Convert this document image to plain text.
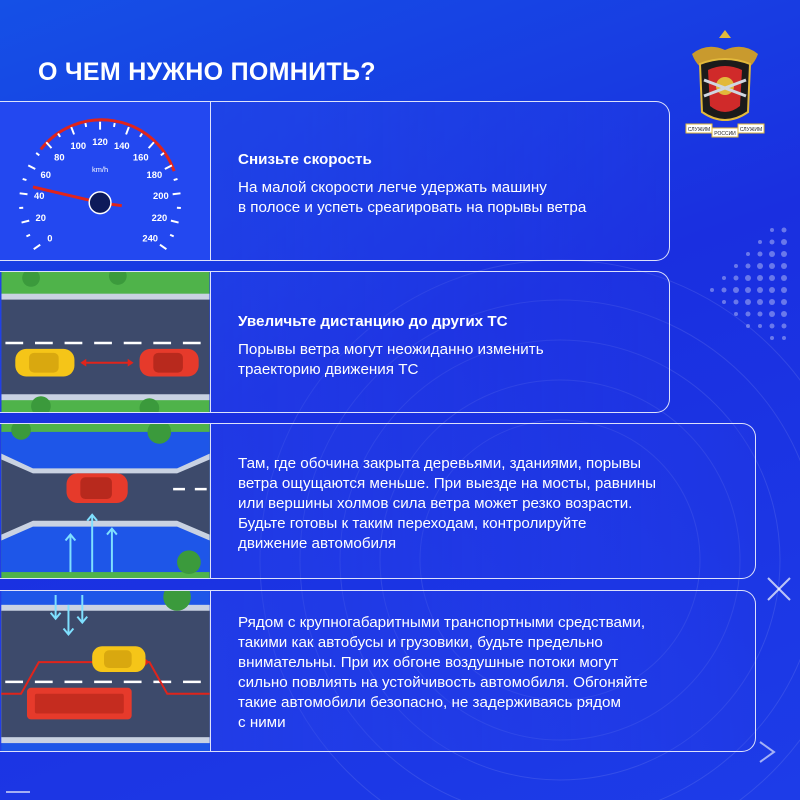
О ЧЕМ НУЖНО ПОМНИТЬ?
СЛУЖИМ
РОССИИ
СЛУЖИМ
0
20
40
60
80
100 120 140
160
180
200
220
240
km/h
Снизьте скорость

На малой скорости легче удержать машину

в полосе и успеть среагировать на порывы ветра

Увеличьте дистанцию до других ТС

Порывы ветра могут неожиданно изменить

траекторию движения ТС

Там, где обочина закрыта деревьями, зданиями, порывы

ветра ощущаются меньше. При выезде на мосты, равнины

или вершины холмов сила ветра может резко возрасти.

Будьте готовы к таким переходам, контролируйте

движение автомобиля

Рядом с крупногабаритными транспортными средствами,

такими как автобусы и грузовики, будьте предельно

внимательны. При их обгоне воздушные потоки могут

сильно повлиять на устойчивость автомобиля. Обгоняйте

такие автомобили безопасно, не задерживаясь рядом

с ними
